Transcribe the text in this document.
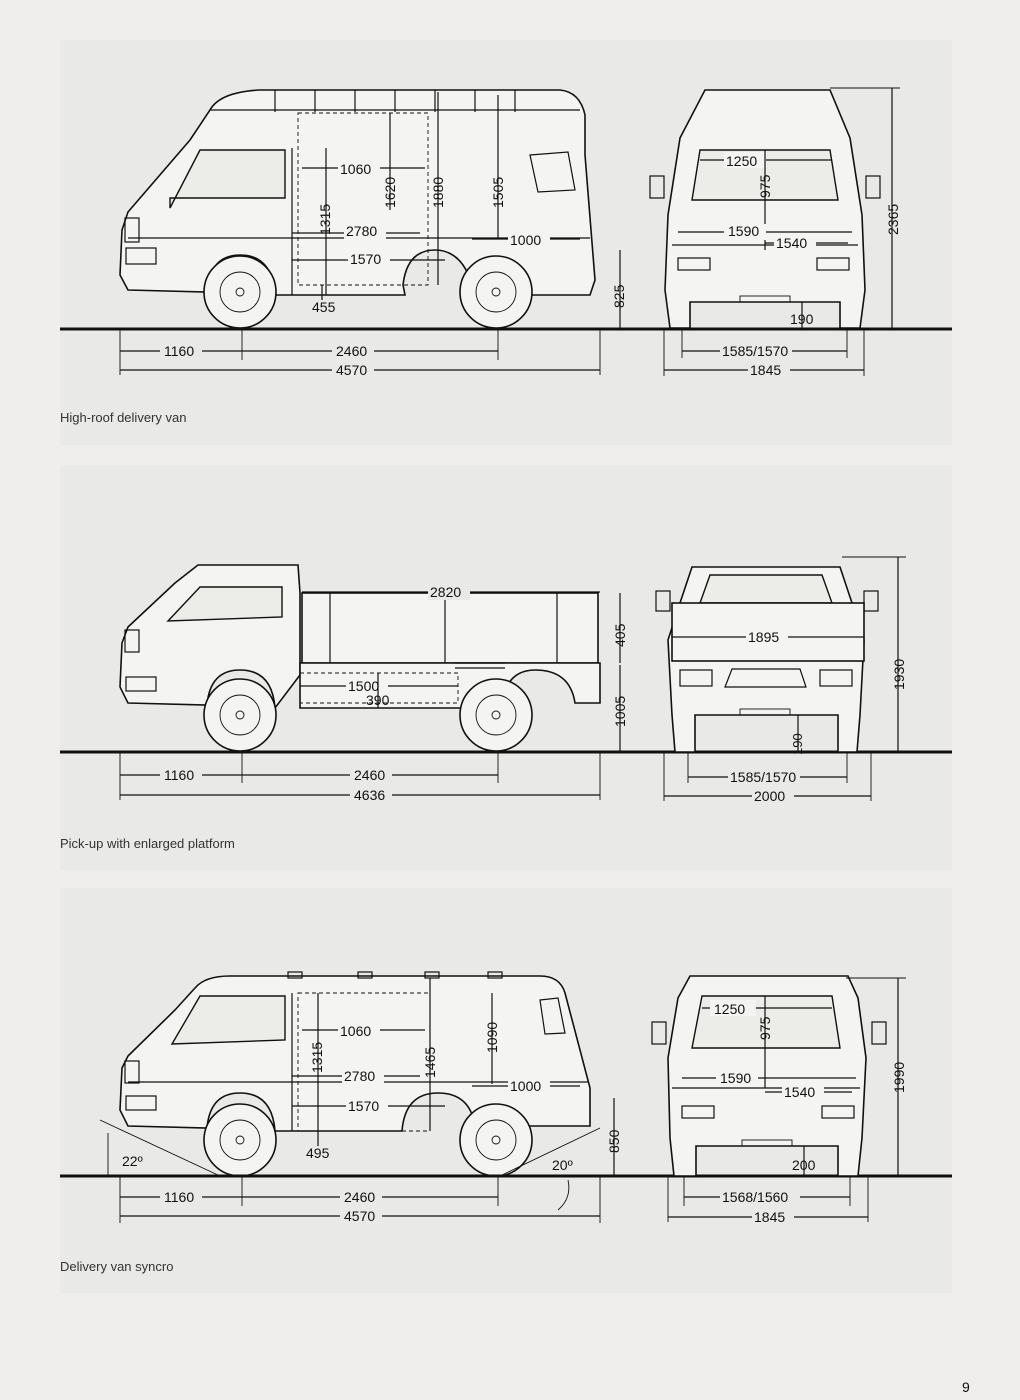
1060
2780
1570
1000
1315
1620 1880	1505
455	825
1160	2460
4570
1250
975
1590
1540
190
2365
1585/1570
1845
High-roof delivery van
2820
405
1005
1500
390
1160	2460
4636
1895
1930
190
1585/1570
2000
Pick-up with enlarged platform
22º	20º
1060
2780
1570
1000
1315	1465
1090
495	850
1160	2460
4570
1250
975
1590
1540
200
1990
1568/1560
1845
Delivery van syncro
9
